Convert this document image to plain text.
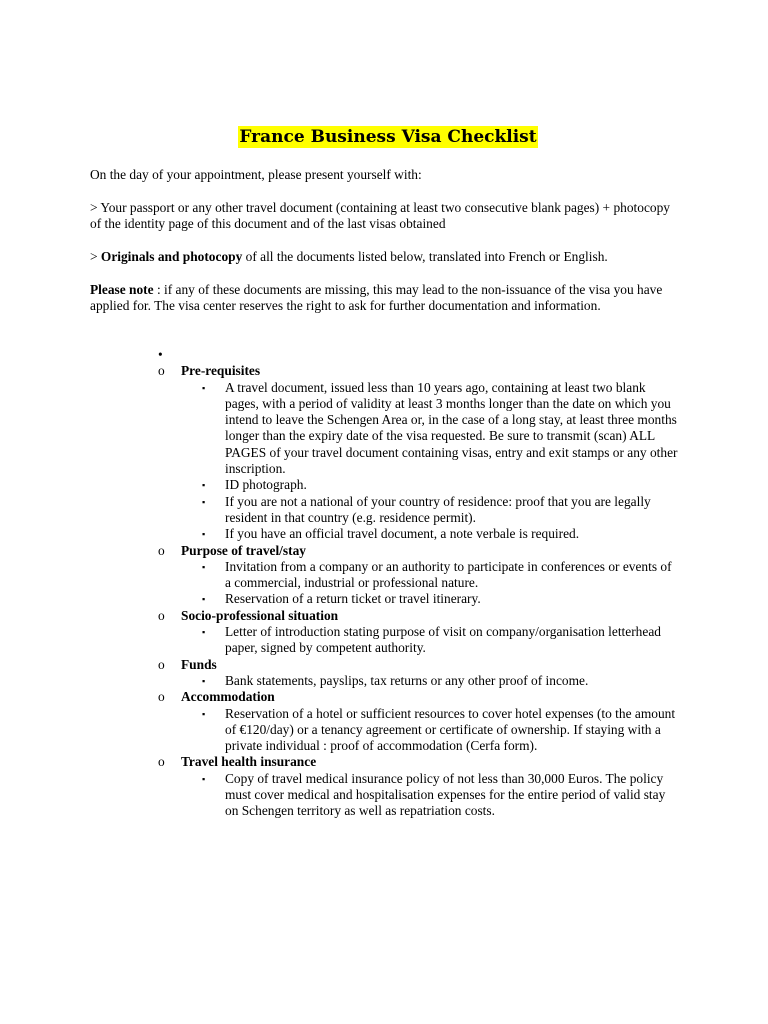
France Business Visa Checklist

On the day of your appointment, please present yourself with:

> Your passport or any other travel document (containing at least two consecutive blank pages) + photocopy of the identity page of this document and of the last visas obtained

> Originals and photocopy of all the documents listed below, translated into French or English.

Please note : if any of these documents are missing, this may lead to the non-issuance of the visa you have applied for. The visa center reserves the right to ask for further documentation and information.

•
o	Pre-requisites
▪	A travel document, issued less than 10 years ago, containing at least two blank pages, with a period of validity at least 3 months longer than the date on which you intend to leave the Schengen Area or, in the case of a long stay, at least three months longer than the expiry date of the visa requested. Be sure to transmit (scan) ALL PAGES of your travel document containing visas, entry and exit stamps or any other inscription.
▪	ID photograph.
▪	If you are not a national of your country of residence: proof that you are legally resident in that country (e.g. residence permit).
▪	If you have an official travel document, a note verbale is required.
o	Purpose of travel/stay
▪	Invitation from a company or an authority to participate in conferences or events of a commercial, industrial or professional nature.
▪	Reservation of a return ticket or travel itinerary.
o	Socio-professional situation
▪	Letter of introduction stating purpose of visit on company/organisation letterhead paper, signed by competent authority.
o	Funds
▪	Bank statements, payslips, tax returns or any other proof of income.
o	Accommodation
▪	Reservation of a hotel or sufficient resources to cover hotel expenses (to the amount of €120/day) or a tenancy agreement or certificate of ownership. If staying with a private individual : proof of accommodation (Cerfa form).
o	Travel health insurance
▪	Copy of travel medical insurance policy of not less than 30,000 Euros. The policy must cover medical and hospitalisation expenses for the entire period of valid stay on Schengen territory as well as repatriation costs.
